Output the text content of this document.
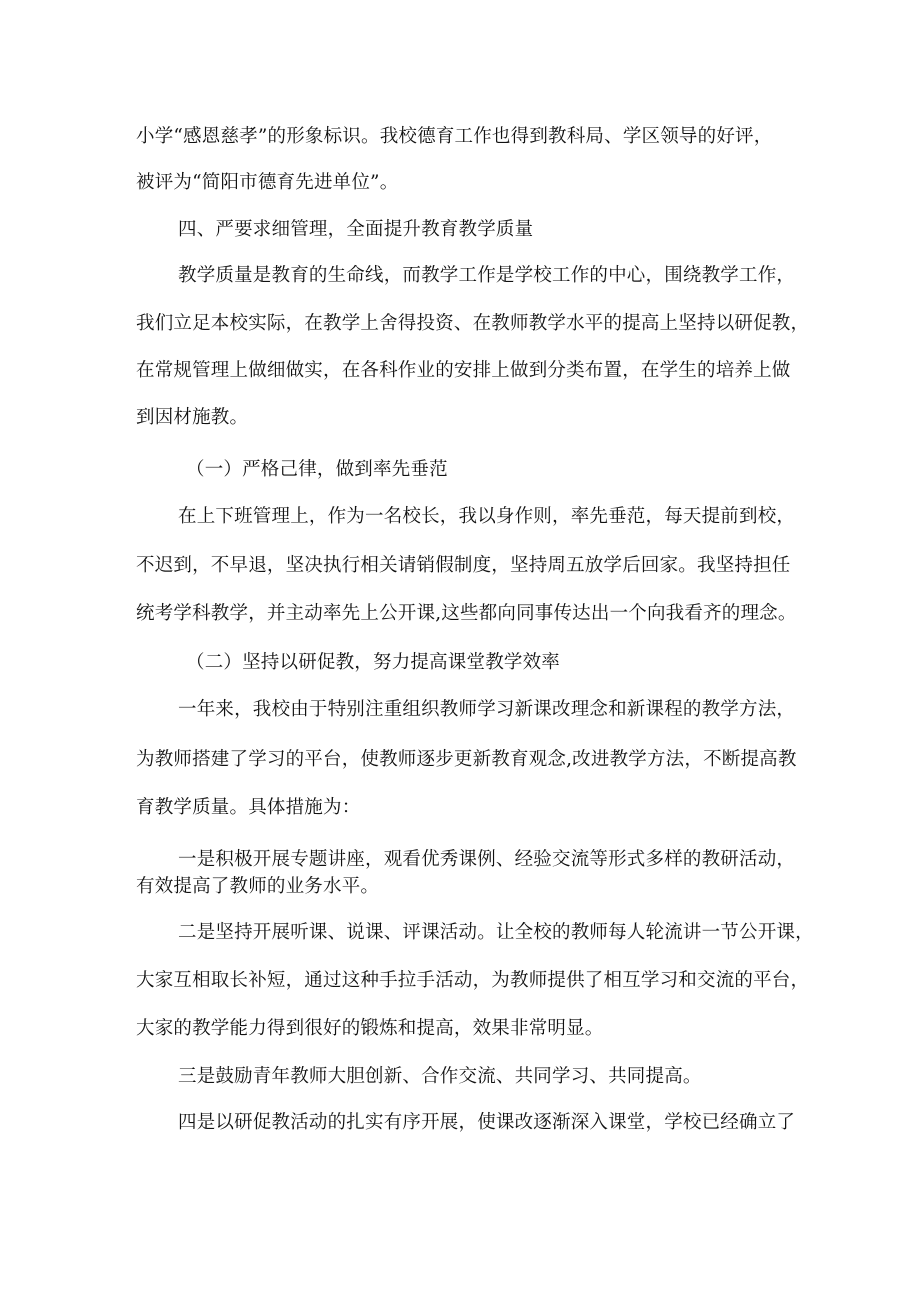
小学“感恩慈孝”的形象标识。我校德育工作也得到教科局、学区领导的好评，
被评为“简阳市德育先进单位”。
四、严要求细管理，全面提升教育教学质量
教学质量是教育的生命线，而教学工作是学校工作的中心，围绕教学工作，
我们立足本校实际，在教学上舍得投资、在教师教学水平的提高上坚持以研促教，
在常规管理上做细做实，在各科作业的安排上做到分类布置，在学生的培养上做
到因材施教。
（一）严格己律，做到率先垂范
在上下班管理上，作为一名校长，我以身作则，率先垂范，每天提前到校，
不迟到，不早退，坚决执行相关请销假制度，坚持周五放学后回家。我坚持担任
统考学科教学，并主动率先上公开课,这些都向同事传达出一个向我看齐的理念。
（二）坚持以研促教，努力提高课堂教学效率
一年来，我校由于特别注重组织教师学习新课改理念和新课程的教学方法，
为教师搭建了学习的平台，使教师逐步更新教育观念,改进教学方法，不断提高教
育教学质量。具体措施为：
一是积极开展专题讲座，观看优秀课例、经验交流等形式多样的教研活动，
有效提高了教师的业务水平。
二是坚持开展听课、说课、评课活动。让全校的教师每人轮流讲一节公开课，
大家互相取长补短，通过这种手拉手活动，为教师提供了相互学习和交流的平台，
大家的教学能力得到很好的锻炼和提高，效果非常明显。
三是鼓励青年教师大胆创新、合作交流、共同学习、共同提高。
四是以研促教活动的扎实有序开展，使课改逐渐深入课堂，学校已经确立了
